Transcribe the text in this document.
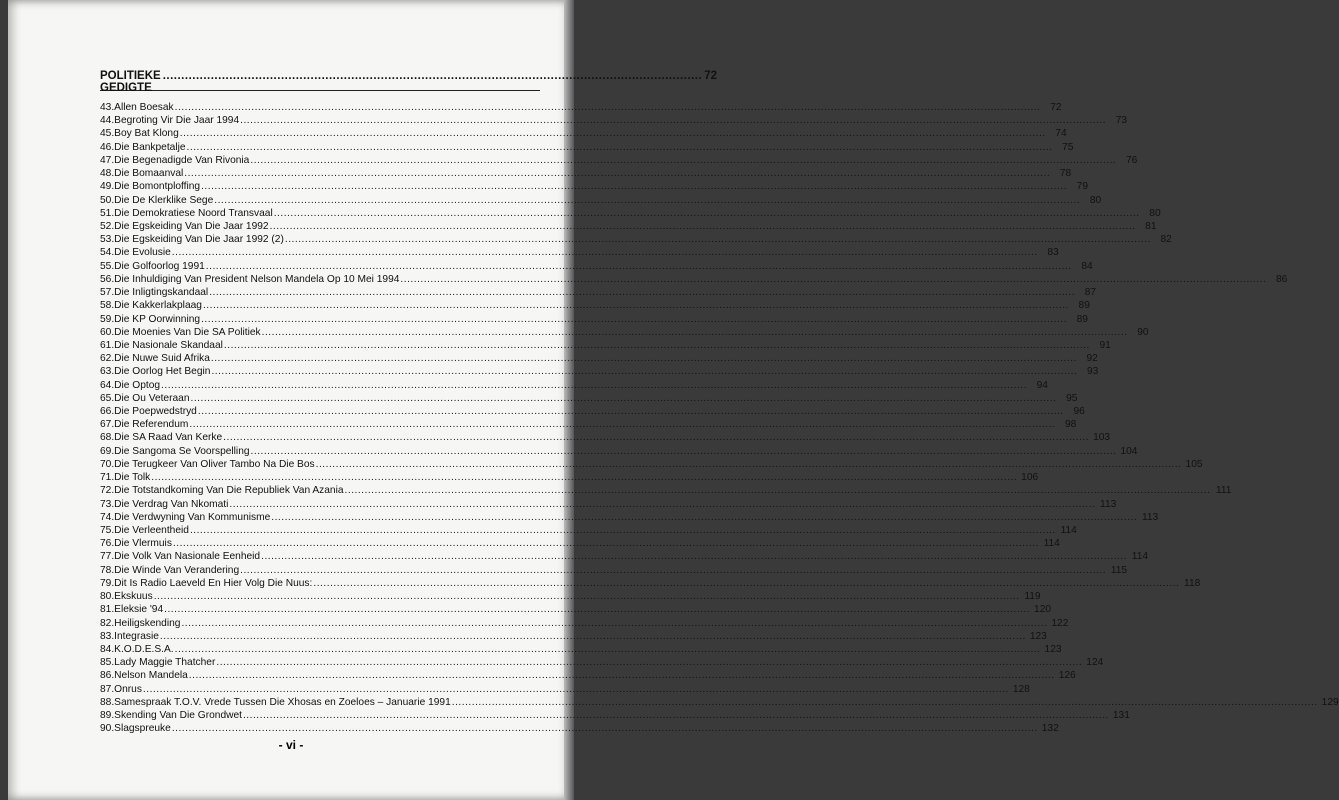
POLITIEKE GEDIGTE
.................................................................................................................................................. 72
43. Allen Boesak .................................................................................................................................................................................................................................................................... 72
44. Begroting Vir Die Jaar 1994 .................................................................................................................................................................................................................................................................... 73
45. Boy Bat Klong .................................................................................................................................................................................................................................................................... 74
46. Die Bankpetalje .................................................................................................................................................................................................................................................................... 75
47. Die Begenadigde Van Rivonia .................................................................................................................................................................................................................................................................... 76
48. Die Bomaanval .................................................................................................................................................................................................................................................................... 78
49. Die Bomontploffing .................................................................................................................................................................................................................................................................... 79
50. Die De Klerklike Sege .................................................................................................................................................................................................................................................................... 80
51. Die Demokratiese Noord Transvaal .................................................................................................................................................................................................................................................................... 80
52. Die Egskeiding Van Die Jaar 1992 .................................................................................................................................................................................................................................................................... 81
53. Die Egskeiding Van Die Jaar 1992 (2) .................................................................................................................................................................................................................................................................... 82
54. Die Evolusie .................................................................................................................................................................................................................................................................... 83
55. Die Golfoorlog 1991 .................................................................................................................................................................................................................................................................... 84
56. Die Inhuldiging Van President Nelson Mandela Op 10 Mei 1994 .................................................................................................................................................................................................................................................................... 86
57. Die Inligtingskandaal .................................................................................................................................................................................................................................................................... 87
58. Die Kakkerlakplaag .................................................................................................................................................................................................................................................................... 89
59. Die KP Oorwinning .................................................................................................................................................................................................................................................................... 89
60. Die Moenies Van Die SA Politiek .................................................................................................................................................................................................................................................................... 90
61. Die Nasionale Skandaal .................................................................................................................................................................................................................................................................... 91
62. Die Nuwe Suid Afrika .................................................................................................................................................................................................................................................................... 92
63. Die Oorlog Het Begin .................................................................................................................................................................................................................................................................... 93
64. Die Optog .................................................................................................................................................................................................................................................................... 94
65. Die Ou Veteraan .................................................................................................................................................................................................................................................................... 95
66. Die Poepwedstryd .................................................................................................................................................................................................................................................................... 96
67. Die Referendum .................................................................................................................................................................................................................................................................... 98
68. Die SA Raad Van Kerke .................................................................................................................................................................................................................................................................... 103
69. Die Sangoma Se Voorspelling .................................................................................................................................................................................................................................................................... 104
70. Die Terugkeer Van Oliver Tambo Na Die Bos .................................................................................................................................................................................................................................................................... 105
71. Die Tolk .................................................................................................................................................................................................................................................................... 106
72. Die Totstandkoming Van Die Republiek Van Azania .................................................................................................................................................................................................................................................................... 111
73. Die Verdrag Van Nkomati .................................................................................................................................................................................................................................................................... 113
74. Die Verdwyning Van Kommunisme .................................................................................................................................................................................................................................................................... 113
75. Die Verleentheid .................................................................................................................................................................................................................................................................... 114
76. Die Vlermuis .................................................................................................................................................................................................................................................................... 114
77. Die Volk Van Nasionale Eenheid .................................................................................................................................................................................................................................................................... 114
78. Die Winde Van Verandering .................................................................................................................................................................................................................................................................... 115
79. Dit Is Radio Laeveld En Hier Volg Die Nuus: .................................................................................................................................................................................................................................................................... 118
80. Ekskuus .................................................................................................................................................................................................................................................................... 119
81. Eleksie '94 .................................................................................................................................................................................................................................................................... 120
82. Heiligskending .................................................................................................................................................................................................................................................................... 122
83. Integrasie .................................................................................................................................................................................................................................................................... 123
84. K.O.D.E.S.A. .................................................................................................................................................................................................................................................................... 123
85. Lady Maggie Thatcher .................................................................................................................................................................................................................................................................... 124
86. Nelson Mandela .................................................................................................................................................................................................................................................................... 126
87. Onrus .................................................................................................................................................................................................................................................................... 128
88. Samespraak T.O.V. Vrede Tussen Die Xhosas en Zoeloes – Januarie 1991 .................................................................................................................................................................................................................................................................... 129
89. Skending Van Die Grondwet .................................................................................................................................................................................................................................................................... 131
90. Slagspreuke .................................................................................................................................................................................................................................................................... 132
- vi -
